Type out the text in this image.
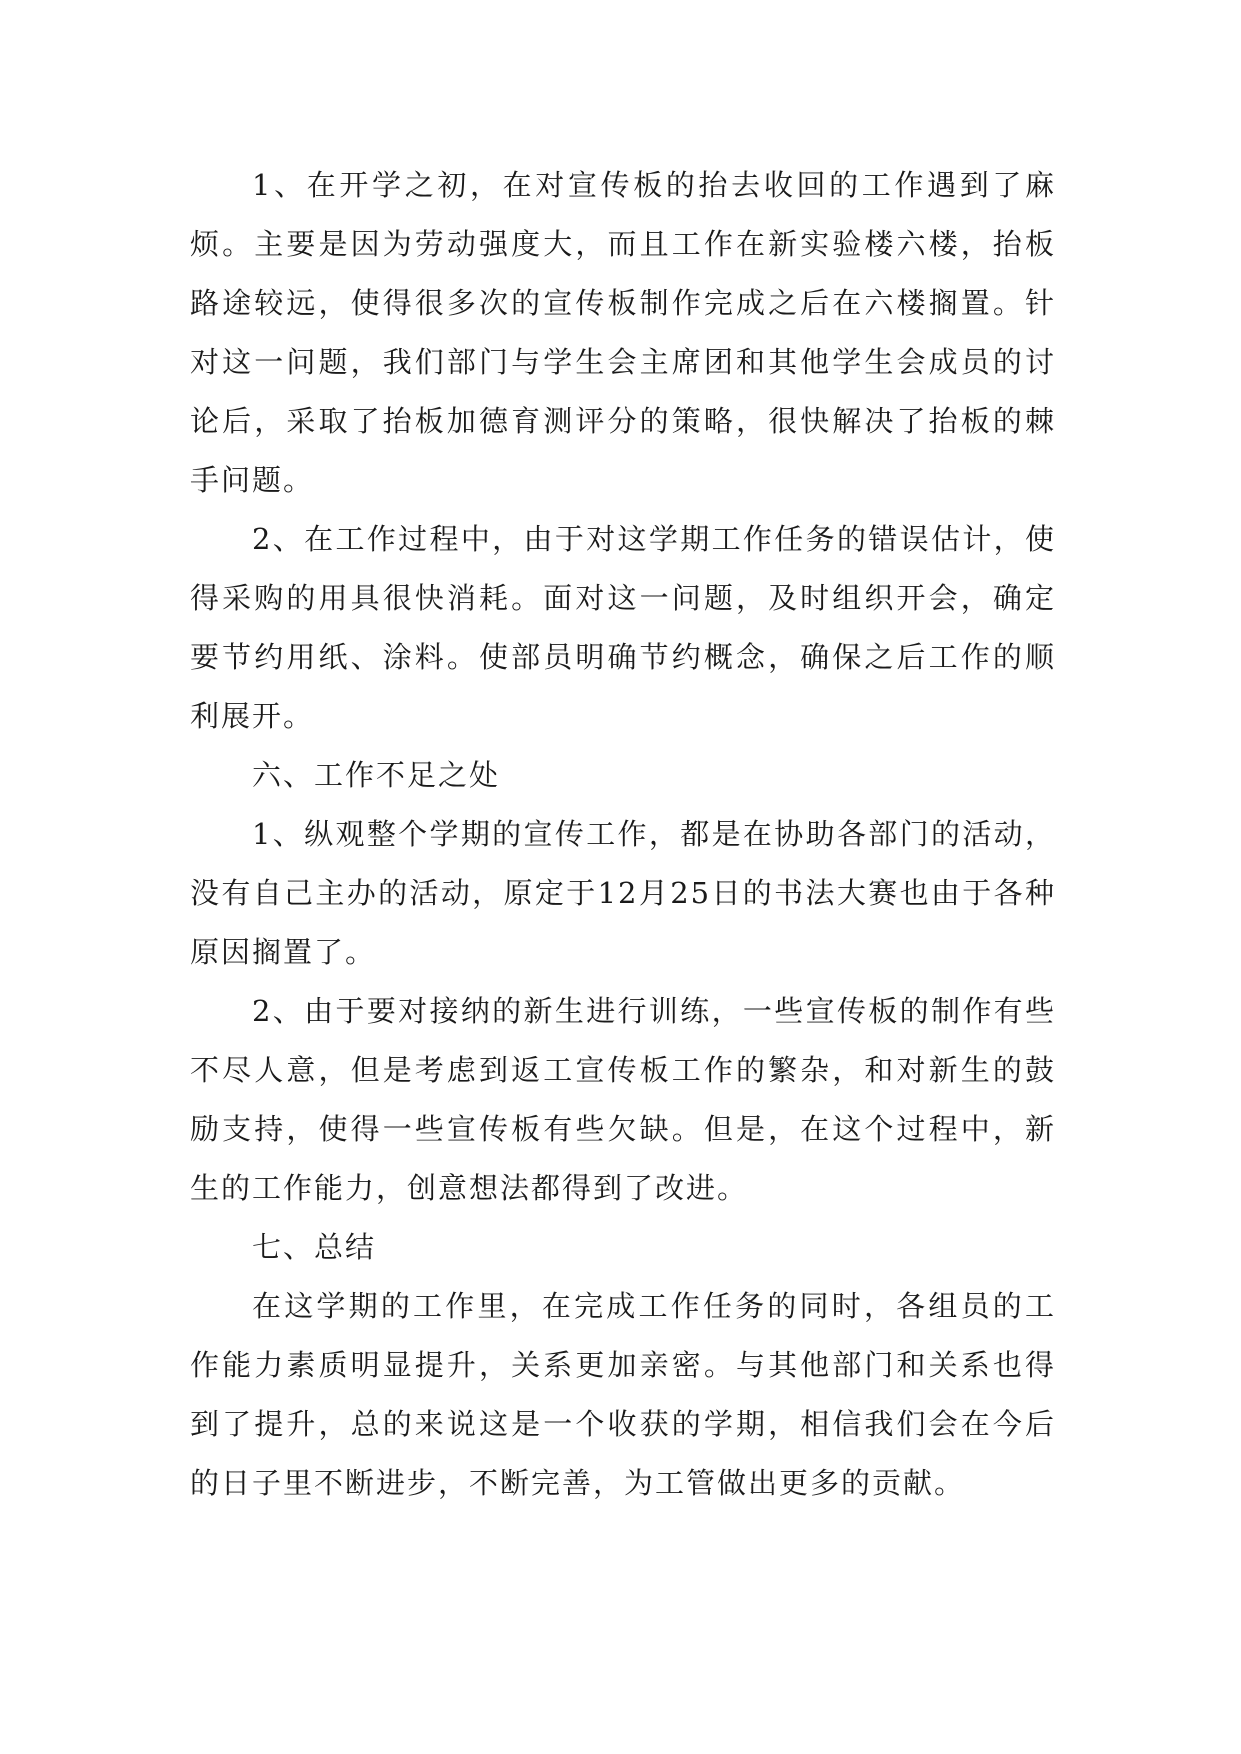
1、在开学之初，在对宣传板的抬去收回的工作遇到了麻烦。主要是因为劳动强度大，而且工作在新实验楼六楼，抬板路途较远，使得很多次的宣传板制作完成之后在六楼搁置。针对这一问题，我们部门与学生会主席团和其他学生会成员的讨论后，采取了抬板加德育测评分的策略，很快解决了抬板的棘手问题。

2、在工作过程中，由于对这学期工作任务的错误估计，使得采购的用具很快消耗。面对这一问题，及时组织开会，确定要节约用纸、涂料。使部员明确节约概念，确保之后工作的顺利展开。

六、工作不足之处

1、纵观整个学期的宣传工作，都是在协助各部门的活动，没有自己主办的活动，原定于12月25日的书法大赛也由于各种原因搁置了。

2、由于要对接纳的新生进行训练，一些宣传板的制作有些不尽人意，但是考虑到返工宣传板工作的繁杂，和对新生的鼓励支持，使得一些宣传板有些欠缺。但是，在这个过程中，新生的工作能力，创意想法都得到了改进。

七、总结

在这学期的工作里，在完成工作任务的同时，各组员的工作能力素质明显提升，关系更加亲密。与其他部门和关系也得到了提升，总的来说这是一个收获的学期，相信我们会在今后的日子里不断进步，不断完善，为工管做出更多的贡献。
